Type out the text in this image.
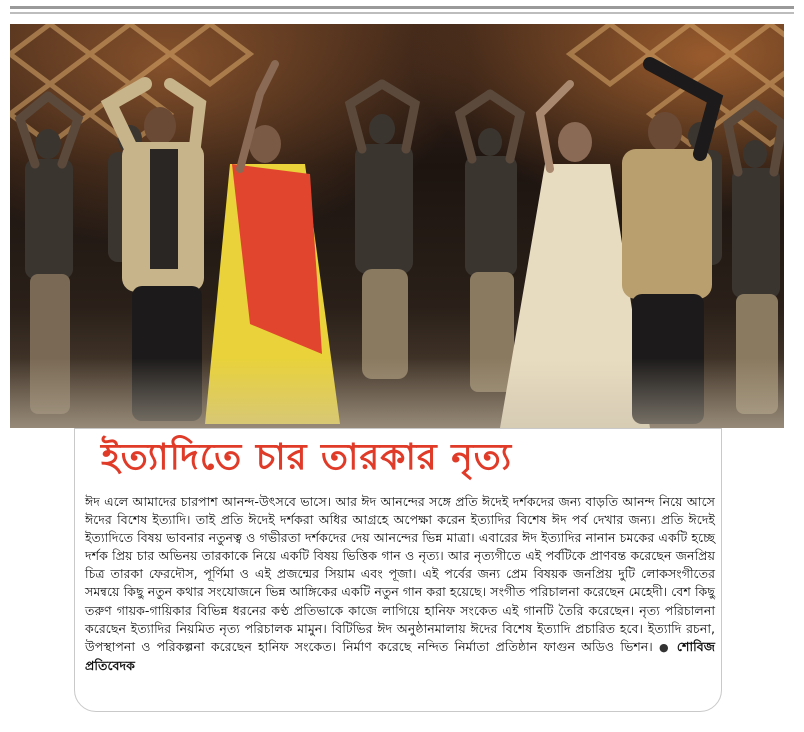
ইত্যাদিতে চার তারকার নৃত্য

ঈদ এলে আমাদের চারপাশ আনন্দ-উৎসবে ভাসে। আর ঈদ আনন্দের সঙ্গে প্রতি ঈদেই দর্শকদের জন্য বাড়তি আনন্দ নিয়ে আসে ঈদের বিশেষ ইত্যাদি। তাই প্রতি ঈদেই দর্শকরা অধির আগ্রহে অপেক্ষা করেন ইত্যাদির বিশেষ ঈদ পর্ব দেখার জন্য। প্রতি ঈদেই ইত্যাদিতে বিষয় ভাবনার নতুনত্ব ও গভীরতা দর্শকদের দেয় আনন্দের ভিন্ন মাত্রা। এবারের ঈদ ইত্যাদির নানান চমকের একটি হচ্ছে দর্শক প্রিয় চার অভিনয় তারকাকে নিয়ে একটি বিষয় ভিত্তিক গান ও নৃত্য। আর নৃত্যগীতে এই পর্বটিকে প্রাণবন্ত করেছেন জনপ্রিয় চিত্র তারকা ফেরদৌস, পূর্ণিমা ও এই প্রজন্মের সিয়াম এবং পূজা। এই পর্বের জন্য প্রেম বিষয়ক জনপ্রিয় দুটি লোকসংগীতের সমন্বয়ে কিছু নতুন কথার সংযোজনে ভিন্ন আঙ্গিকের একটি নতুন গান করা হয়েছে। সংগীত পরিচালনা করেছেন মেহেদী। বেশ কিছু তরুণ গায়ক-গায়িকার বিভিন্ন ধরনের কণ্ঠ প্রতিভাকে কাজে লাগিয়ে হানিফ সংকেত এই গানটি তৈরি করেছেন। নৃত্য পরিচালনা করেছেন ইত্যাদির নিয়মিত নৃত্য পরিচালক মামুন। বিটিভির ঈদ অনুষ্ঠানমালায় ঈদের বিশেষ ইত্যাদি প্রচারিত হবে। ইত্যাদি রচনা, উপস্থাপনা ও পরিকল্পনা করেছেন হানিফ সংকেত। নির্মাণ করেছে নন্দিত নির্মাতা প্রতিষ্ঠান ফাগুন অডিও ভিশন। ● শোবিজ প্রতিবেদক
